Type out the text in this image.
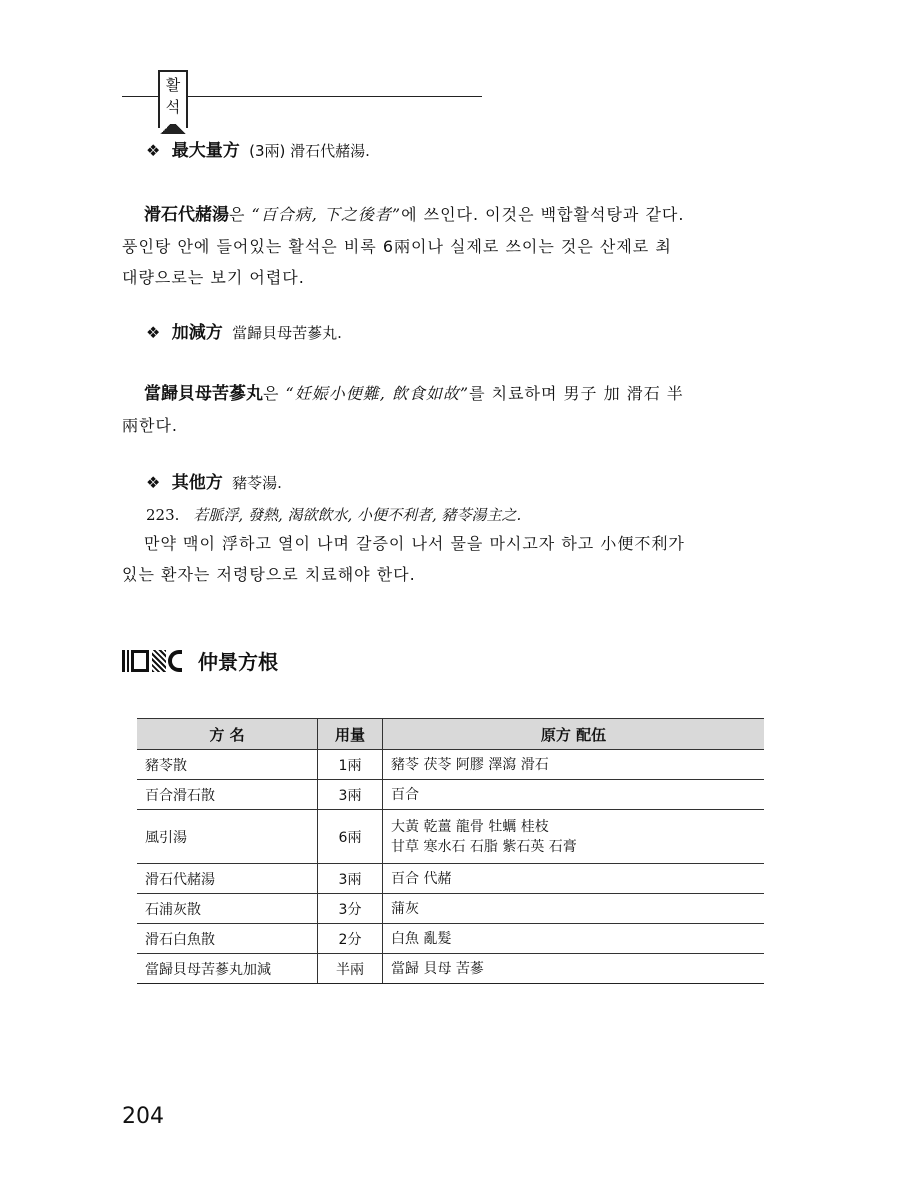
활
석
❖ 最大量方 (3兩) 滑石代赭湯.
滑石代赭湯은 “百合病, 下之後者”에 쓰인다. 이것은 백합활석탕과 같다.
풍인탕 안에 들어있는 활석은 비록 6兩이나 실제로 쓰이는 것은 산제로 최
대량으로는 보기 어렵다.
❖ 加減方 當歸貝母苦蔘丸.
當歸貝母苦蔘丸은 “妊娠小便難, 飲食如故”를 치료하며 男子 加 滑石 半
兩한다.
❖ 其他方 豬苓湯.
223. 若脈浮, 發熱, 渴欲飲水, 小便不利者, 豬苓湯主之.
만약 맥이 浮하고 열이 나며 갈증이 나서 물을 마시고자 하고 小便不利가
있는 환자는 저령탕으로 치료해야 한다.
仲景方根
方 名	用量	原方 配伍
豬苓散	1兩	豬苓 茯苓 阿膠 澤瀉 滑石

百合滑石散	3兩	百合

風引湯	6兩	大黃 乾薑 龍骨 牡蠣 桂枝
甘草 寒水石 石脂 紫石英 石膏

滑石代赭湯	3兩	百合 代赭

石浦灰散	3分	蒲灰

滑石白魚散	2分	白魚 亂髮

當歸貝母苦蔘丸加減	半兩	當歸 貝母 苦蔘
204
